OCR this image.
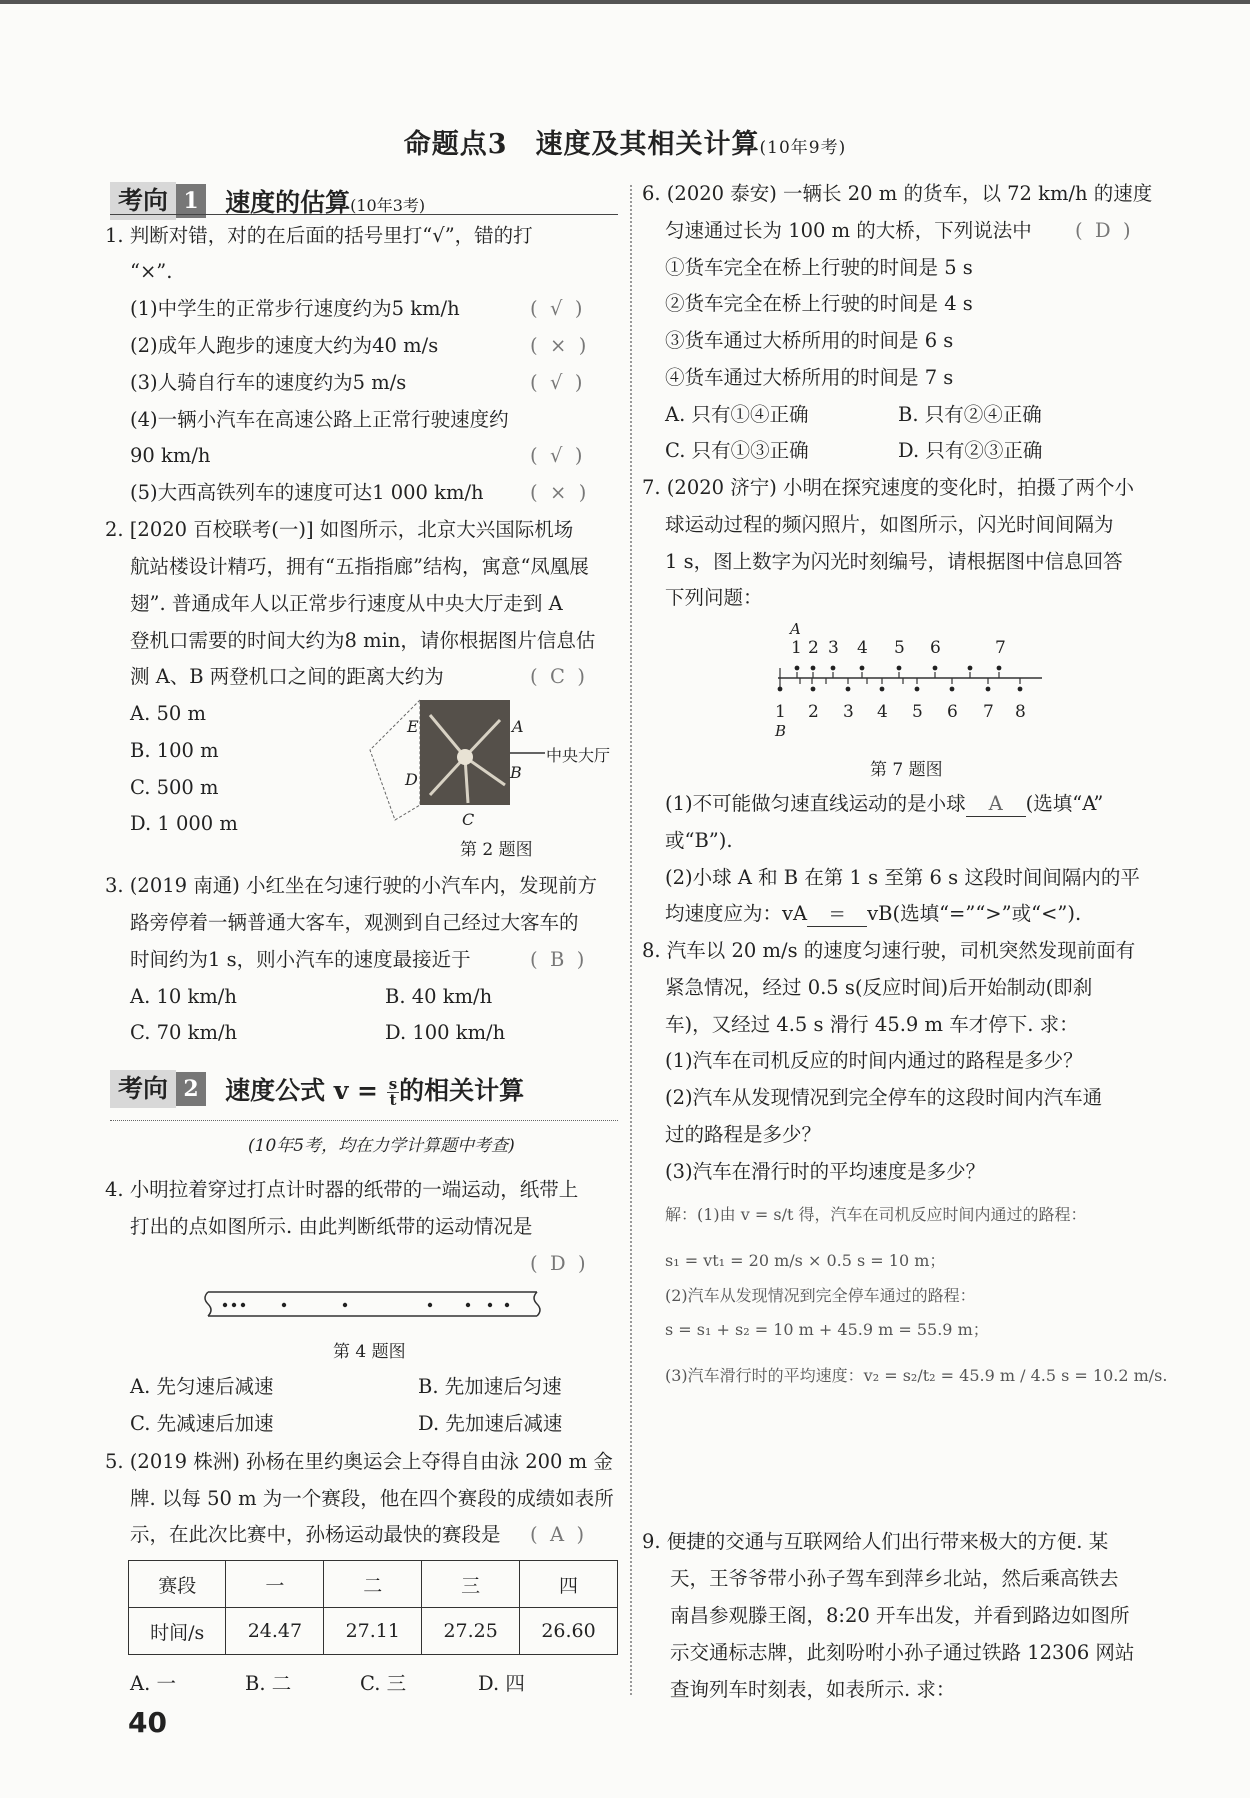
命题点3　速度及其相关计算(10年9考)
考向 1 速度的估算(10年3考)
1. 判断对错，对的在后面的括号里打“√”，错的打
“×”.
(1)中学生的正常步行速度约为5 km/h	(  √  )
(2)成年人跑步的速度大约为40 m/s	(  ×  )
(3)人骑自行车的速度约为5 m/s	(  √  )
(4)一辆小汽车在高速公路上正常行驶速度约
90 km/h	(  √  )
(5)大西高铁列车的速度可达1 000 km/h (  ×  )
2. [2020 百校联考(一)] 如图所示，北京大兴国际机场
航站楼设计精巧，拥有“五指指廊”结构，寓意“凤凰展
翅”. 普通成年人以正常步行速度从中央大厅走到 A
登机口需要的时间大约为8 min，请你根据图片信息估
测 A、B 两登机口之间的距离大约为	(  C  )
A. 50 m
B. 100 m
C. 500 m
D. 1 000 m
E	A
中央大厅
B
D
C
第 2 题图
3. (2019 南通) 小红坐在匀速行驶的小汽车内，发现前方
路旁停着一辆普通大客车，观测到自己经过大客车的
时间约为1 s，则小汽车的速度最接近于	(  B  )
A. 10 km/h	B. 40 km/h
C. 70 km/h	D. 100 km/h
考向 2 速度公式 $v = \frac{s}{t}$ 的相关计算
(10年5考，均在力学计算题中考查)
4. 小明拉着穿过打点计时器的纸带的一端运动，纸带上
打出的点如图所示. 由此判断纸带的运动情况是
(  D  )
第 4 题图
A. 先匀速后减速	B. 先加速后匀速
C. 先减速后加速	D. 先加速后减速
5. (2019 株洲) 孙杨在里约奥运会上夺得自由泳 200 m 金
牌. 以每 50 m 为一个赛段，他在四个赛段的成绩如表所
示，在此次比赛中，孙杨运动最快的赛段是 (  A  )
赛段	一	二	三	四
时间/s	24.47	27.11	27.25	26.60
A. 一	B. 二	C. 三	D. 四
40
6. (2020 泰安) 一辆长 20 m 的货车，以 72 km/h 的速度
匀速通过长为 100 m 的大桥，下列说法中 (  D  )
①货车完全在桥上行驶的时间是 5 s
②货车完全在桥上行驶的时间是 4 s
③货车通过大桥所用的时间是 6 s
④货车通过大桥所用的时间是 7 s
A. 只有①④正确	B. 只有②④正确
C. 只有①③正确	D. 只有②③正确
7. (2020 济宁) 小明在探究速度的变化时，拍摄了两个小
球运动过程的频闪照片，如图所示，闪光时间间隔为
1 s，图上数字为闪光时刻编号，请根据图中信息回答
下列问题：
A
1 2 3 4 5 6	7
1 2 3 4 5 6 7 8
B
第 7 题图
(1)不可能做匀速直线运动的是小球 A (选填“A”
或“B”).
(2)小球 A 和 B 在第 1 s 至第 6 s 这段时间间隔内的平
均速度应为：vA = vB(选填“=”“>”或“<”).
8. 汽车以 20 m/s 的速度匀速行驶，司机突然发现前面有
紧急情况，经过 0.5 s(反应时间)后开始制动(即刹
车)，又经过 4.5 s 滑行 45.9 m 车才停下. 求：
(1)汽车在司机反应的时间内通过的路程是多少？
(2)汽车从发现情况到完全停车的这段时间内汽车通
过的路程是多少？
(3)汽车在滑行时的平均速度是多少？
解：(1)由 v = s/t 得，汽车在司机反应时间内通过的路程：
s₁ = vt₁ = 20 m/s × 0.5 s = 10 m；
(2)汽车从发现情况到完全停车通过的路程：
s = s₁ + s₂ = 10 m + 45.9 m = 55.9 m；
(3)汽车滑行时的平均速度：v₂ = s₂/t₂ = 45.9 m / 4.5 s = 10.2 m/s.
9. 便捷的交通与互联网给人们出行带来极大的方便. 某
天，王爷爷带小孙子驾车到萍乡北站，然后乘高铁去
南昌参观滕王阁，8:20 开车出发，并看到路边如图所
示交通标志牌，此刻吩咐小孙子通过铁路 12306 网站
查询列车时刻表，如表所示. 求：
